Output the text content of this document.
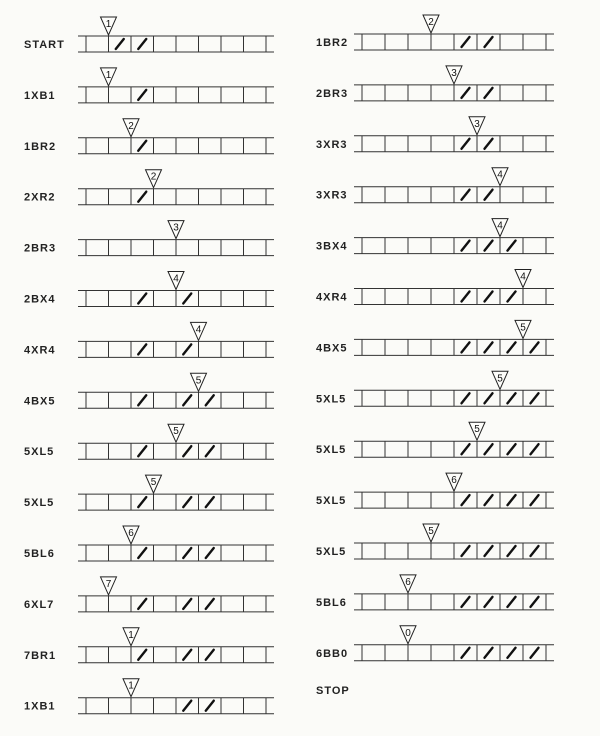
STOP
START
1
1XB1
1
1BR2
2
2XR2
2
2BR3
3
2BX4
4
4XR4
4
4BX5
5
5XL5
5
5XL5
5
5BL6
6
6XL7
7
7BR1
1
1XB1
1
1BR2
2
2BR3
3
3XR3
3
3XR3
4
3BX4
4
4XR4
4
4BX5
5
5XL5
5
5XL5
5
5XL5
6
5XL5
5
5BL6
6
6BB0
0
